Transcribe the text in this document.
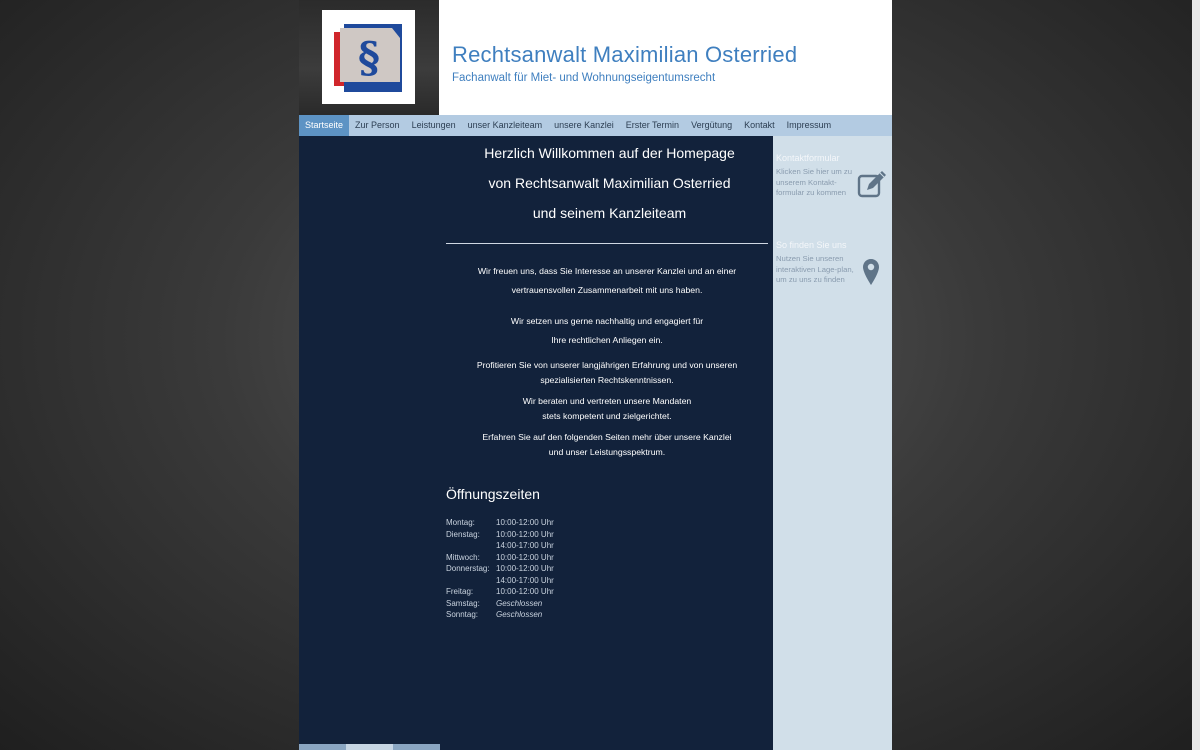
§	Rechtsanwalt Maximilian Osterried
Fachanwalt für Miet- und Wohnungseigentumsrecht
Startseite	Zur Person	Leistungen	unser Kanzleiteam	unsere Kanzlei	Erster Termin	Vergütung	Kontakt	Impressum
Herzlich Willkommen auf der Homepage
von Rechtsanwalt Maximilian Osterried
und seinem Kanzleiteam
Wir freuen uns, dass Sie Interesse an unserer Kanzlei und an einer
vertrauensvollen Zusammenarbeit mit uns haben.
Wir setzen uns gerne nachhaltig und engagiert für
Ihre rechtlichen Anliegen ein.
Profitieren Sie von unserer langjährigen Erfahrung und von unseren
spezialisierten Rechtskenntnissen.
Wir beraten und vertreten unsere Mandaten
stets kompetent und zielgerichtet.
Erfahren Sie auf den folgenden Seiten mehr über unsere Kanzlei
und unser Leistungsspektrum.
Öffnungszeiten
Montag:	10:00-12:00 Uhr
Dienstag:	10:00-12:00 Uhr
14:00-17:00 Uhr
Mittwoch:	10:00-12:00 Uhr
Donnerstag: 10:00-12:00 Uhr
14:00-17:00 Uhr
Freitag:	10:00-12:00 Uhr
Samstag:	Geschlossen
Sonntag:	Geschlossen
Kontaktformular
Klicken Sie hier um zu unserem Kontakt-formular zu kommen
So finden Sie uns
Nutzen Sie unseren interaktiven Lage-plan, um zu uns zu finden
